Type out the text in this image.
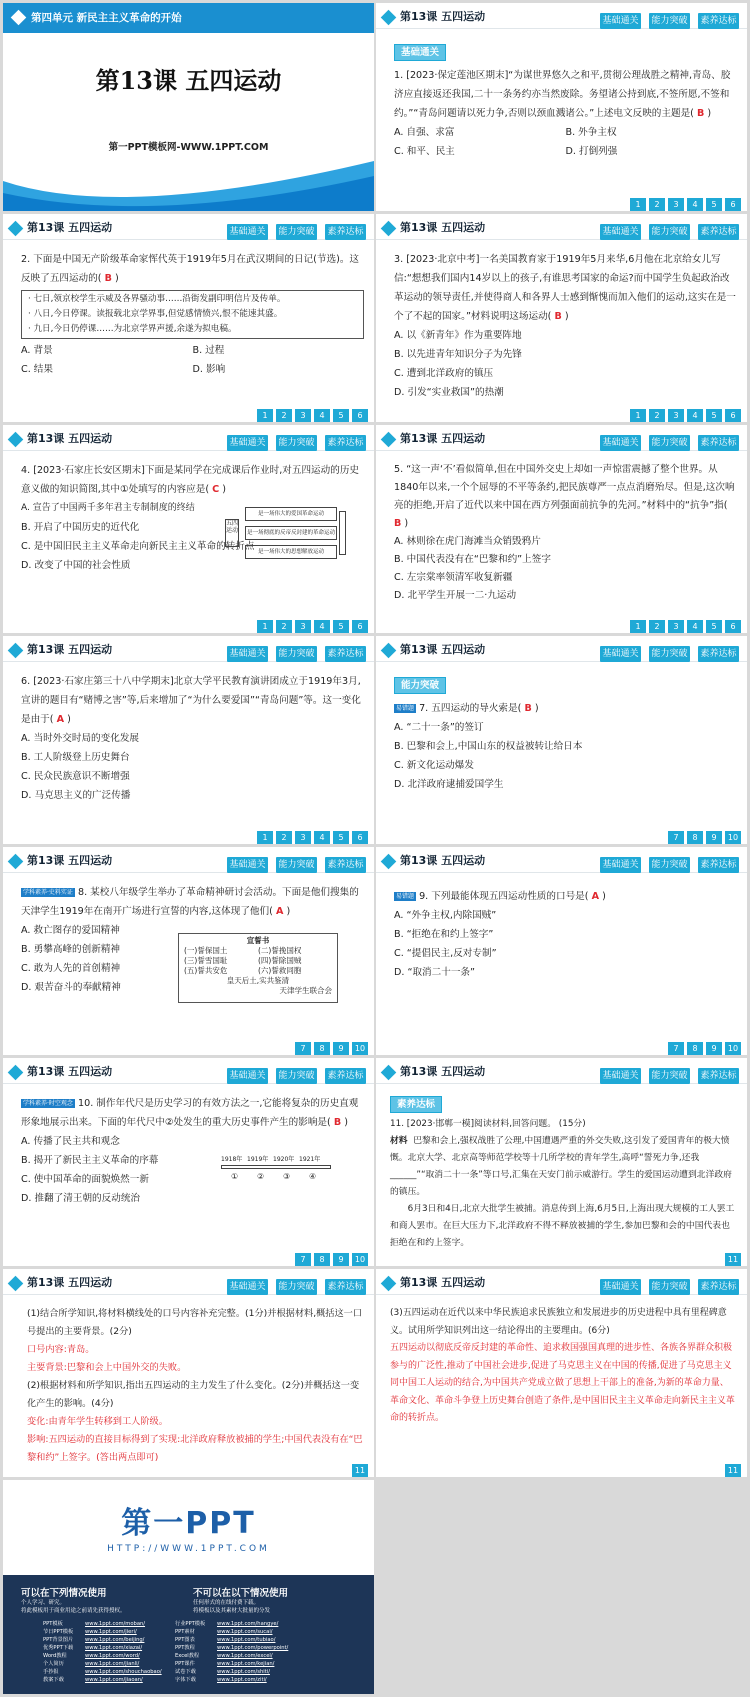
第四单元 新民主主义革命的开始
第13课 五四运动
第一PPT模板网-WWW.1PPT.COM
第13课 五四运动	基础通关 能力突破 素养达标
基础通关

1. [2023·保定莲池区期末]“为谋世界悠久之和平,贯彻公理战胜之精神,青岛、胶济应直接返还我国,二十一条务约亦当然废除。务望诸公持到底,不签所愿,不签和约。”“青岛问题请以死力争,否则以颈血溅诸公。”上述电文反映的主题是( B )

A. 自强、求富	B. 外争主权
C. 和平、民主	D. 打倒列强
1 2 3 4 5 6
第13课 五四运动	基础通关 能力突破 素养达标

2. 下面是中国无产阶级革命家恽代英于1919年5月在武汉期间的日记(节选)。这反映了五四运动的( B )

· 七日,领京校学生示威及各界骚动事……沿街发副印明信片及传单。
· 八日,今日停课。读报载北京学界事,但觉感情愤兴,恨不能速其盛。
· 九日,今日仍停课……为北京学界声援,余遂为拟电稿。
A. 背景	B. 过程
C. 结果	D. 影响
1 2 3 4 5 6
第13课 五四运动	基础通关 能力突破 素养达标

3. [2023·北京中考]一名美国教育家于1919年5月来华,6月他在北京给女儿写信:“想想我们国内14岁以上的孩子,有谁思考国家的命运?而中国学生负起政治改革运动的领导责任,并使得商人和各界人士感到惭愧而加入他们的运动,这实在是一个了不起的国家。”材料说明这场运动( B )

A. 以《新青年》作为重要阵地
B. 以先进青年知识分子为先锋
C. 遭到北洋政府的镇压
D. 引发“实业救国”的热潮
1 2 3 4 5 6
第13课 五四运动	基础通关 能力突破 素养达标

4. [2023·石家庄长安区期末]下面是某同学在完成课后作业时,对五四运动的历史意义做的知识简图,其中①处填写的内容应是( C )

A. 宣告了中国两千多年君主专制制度的终结
B. 开启了中国历史的近代化
C. 是中国旧民主主义革命走向新民主主义革命的转折点
D. 改变了中国的社会性质
五四运动
是一场伟大的爱国革命运动
是一场彻底的反帝反封建的革命运动
是一场伟大的思想解放运动
1 2 3 4 5 6
第13课 五四运动	基础通关 能力突破 素养达标

5. “这一声‘不’看似简单,但在中国外交史上却如一声惊雷震撼了整个世界。从1840年以来,一个个屈辱的不平等条约,把民族尊严一点点消磨殆尽。但是,这次响亮的拒绝,开启了近代以来中国在西方列强面前抗争的先河。”材料中的“抗争”指( B )

A. 林则徐在虎门海滩当众销毁鸦片
B. 中国代表没有在“巴黎和约”上签字
C. 左宗棠率领清军收复新疆
D. 北平学生开展一二·九运动
1 2 3 4 5 6
第13课 五四运动	基础通关 能力突破 素养达标

6. [2023·石家庄第三十八中学期末]北京大学平民教育演讲团成立于1919年3月,宣讲的题目有“赌博之害”等,后来增加了“为什么要爱国”“青岛问题”等。这一变化是由于( A )

A. 当时外交时局的变化发展
B. 工人阶级登上历史舞台
C. 民众民族意识不断增强
D. 马克思主义的广泛传播
1 2 3 4 5 6
第13课 五四运动	基础通关 能力突破 素养达标
能力突破

易错题 7. 五四运动的导火索是( B )

A. “二十一条”的签订
B. 巴黎和会上,中国山东的权益被转让给日本
C. 新文化运动爆发
D. 北洋政府逮捕爱国学生
7 8 9 10
第13课 五四运动	基础通关 能力突破 素养达标

学科素养·史料实证 8. 某校八年级学生举办了革命精神研讨会活动。下面是他们搜集的天津学生1919年在南开广场进行宣誓的内容,这体现了他们( A )

A. 救亡图存的爱国精神
B. 勇攀高峰的创新精神
C. 敢为人先的首创精神
D. 艰苦奋斗的奉献精神
宣誓书
(一)誓保国土	(二)誓挽国权
(三)誓雪国耻	(四)誓除国贼
(五)誓共安危	(六)誓救同胞
皇天后土,实共鉴清
天津学生联合会
7 8 9 10
第13课 五四运动	基础通关 能力突破 素养达标

易错题 9. 下列最能体现五四运动性质的口号是( A )

A. “外争主权,内除国贼”
B. “拒绝在和约上签字”
C. “提倡民主,反对专制”
D. “取消二十一条”
7 8 9 10
第13课 五四运动	基础通关 能力突破 素养达标

学科素养·时空观念 10. 制作年代尺是历史学习的有效方法之一,它能将复杂的历史直观形象地展示出来。下面的年代尺中②处发生的重大历史事件产生的影响是( B )

A. 传播了民主共和观念
B. 揭开了新民主主义革命的序幕
C. 使中国革命的面貌焕然一新
D. 推翻了清王朝的反动统治
1918年 1919年 1920年 1921年
① ② ③ ④
7 8 9 10
第13课 五四运动	基础通关 能力突破 素养达标
素养达标

11. [2023·邯郸一模]阅读材料,回答问题。 (15分)

材料 巴黎和会上,强权战胜了公理,中国遭遇严重的外交失败,这引发了爱国青年的极大愤慨。北京大学、北京高等师范学校等十几所学校的青年学生,高呼“誓死力争,还我______”“取消二十一条”等口号,汇集在天安门前示威游行。学生的爱国运动遭到北洋政府的镇压。

6月3日和4日,北京大批学生被捕。消息传到上海,6月5日,上海出现大规模的工人罢工和商人罢市。在巨大压力下,北洋政府不得不释放被捕的学生,参加巴黎和会的中国代表也拒绝在和约上签字。

11
第13课 五四运动	基础通关 能力突破 素养达标

(1)结合所学知识,将材料横线处的口号内容补充完整。(1分)并根据材料,概括这一口号提出的主要背景。(2分)

口号内容:青岛。

主要背景:巴黎和会上中国外交的失败。

(2)根据材料和所学知识,指出五四运动的主力发生了什么变化。(2分)并概括这一变化产生的影响。(4分)

变化:由青年学生转移到工人阶级。

影响:五四运动的直接目标得到了实现:北洋政府释放被捕的学生;中国代表没有在“巴黎和约”上签字。(答出两点即可)

11
第13课 五四运动	基础通关 能力突破 素养达标

(3)五四运动在近代以来中华民族追求民族独立和发展进步的历史进程中具有里程碑意义。试用所学知识列出这一结论得出的主要理由。(6分)

五四运动以彻底反帝反封建的革命性、追求救国强国真理的进步性、各族各界群众积极参与的广泛性,推动了中国社会进步,促进了马克思主义在中国的传播,促进了马克思主义同中国工人运动的结合,为中国共产党成立做了思想上干部上的准备,为新的革命力量、革命文化、革命斗争登上历史舞台创造了条件,是中国旧民主主义革命走向新民主主义革命的转折点。

11
第一PPT
HTTP://WWW.1PPT.COM
可以在下列情况使用
个人学习、研究。
将此模板用于商业用途之前请先获得授权。
不可以在以下情况使用
任何形式的在线付费下载。
将模板以及其素材大批量的分发
PPT模板	www.1ppt.com/moban/
节日PPT模板 www.1ppt.com/jieri/
PPT背景图片 www.1ppt.com/beijing/
优秀PPT下载 www.1ppt.com/xiazai/
Word教程	www.1ppt.com/word/
个人简历	www.1ppt.com/jianli/
手抄报	www.1ppt.com/shouchaobao/
教案下载	www.1ppt.com/jiaoan/
行业PPT模板 www.1ppt.com/hangye/
PPT素材	www.1ppt.com/sucai/
PPT图表	www.1ppt.com/tubiao/
PPT教程	www.1ppt.com/powerpoint/
Excel教程	www.1ppt.com/excel/
PPT课件	www.1ppt.com/kejian/
试卷下载	www.1ppt.com/shiti/
字体下载	www.1ppt.com/ziti/
